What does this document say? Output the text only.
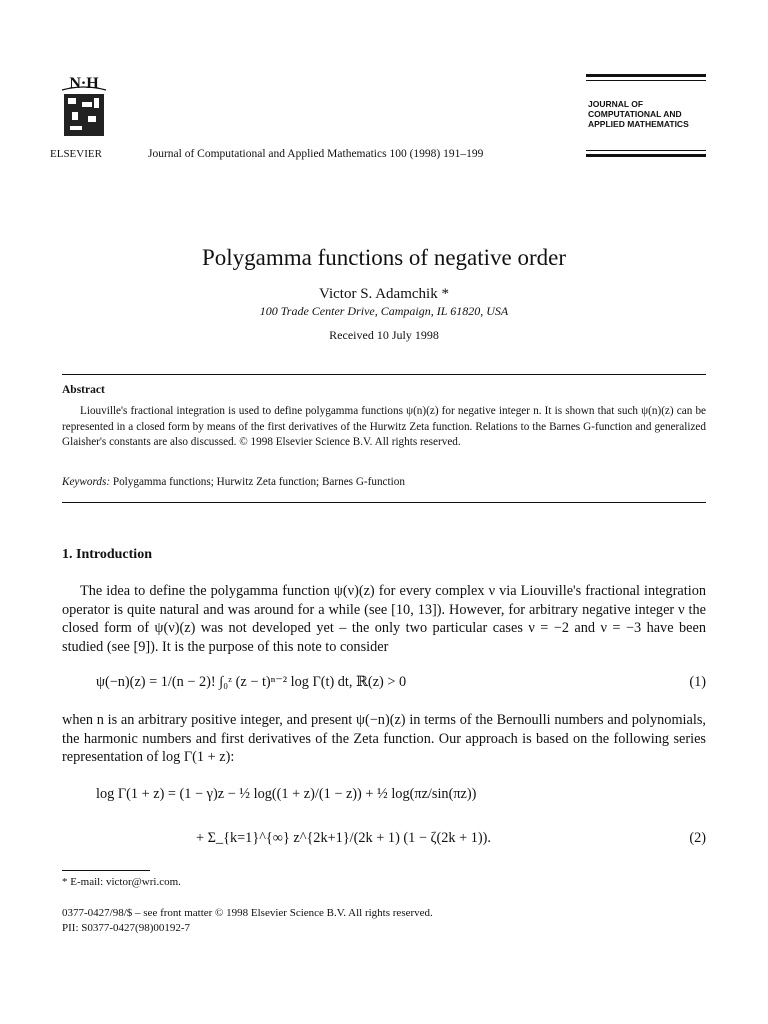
N·H
ELSEVIER	Journal of Computational and Applied Mathematics 100 (1998) 191–199
JOURNAL OF
COMPUTATIONAL AND
APPLIED MATHEMATICS
Polygamma functions of negative order
Victor S. Adamchik *
100 Trade Center Drive, Campaign, IL 61820, USA
Received 10 July 1998
Abstract
Liouville's fractional integration is used to define polygamma functions ψ(n)(z) for negative integer n. It is shown that such ψ(n)(z) can be represented in a closed form by means of the first derivatives of the Hurwitz Zeta function. Relations to the Barnes G-function and generalized Glaisher's constants are also discussed. © 1998 Elsevier Science B.V. All rights reserved.
Keywords: Polygamma functions; Hurwitz Zeta function; Barnes G-function
1. Introduction
The idea to define the polygamma function ψ(ν)(z) for every complex ν via Liouville's fractional integration operator is quite natural and was around for a while (see [10, 13]). However, for arbitrary negative integer ν the closed form of ψ(ν)(z) was not developed yet – the only two particular cases ν = −2 and ν = −3 have been studied (see [9]). It is the purpose of this note to consider
ψ(−n)(z) = 1/(n − 2)! ∫₀ᶻ (z − t)ⁿ⁻² log Γ(t) dt, ℝ(z) > 0	(1)
when n is an arbitrary positive integer, and present ψ(−n)(z) in terms of the Bernoulli numbers and polynomials, the harmonic numbers and first derivatives of the Zeta function. Our approach is based on the following series representation of log Γ(1 + z):
log Γ(1 + z) = (1 − γ)z − ½ log((1 + z)/(1 − z)) + ½ log(πz/sin(πz))
+ Σ_{k=1}^{∞} z^{2k+1}/(2k + 1) (1 − ζ(2k + 1)).	(2)
* E-mail: victor@wri.com.
0377-0427/98/$ – see front matter © 1998 Elsevier Science B.V. All rights reserved.
PII: S0377-0427(98)00192-7
